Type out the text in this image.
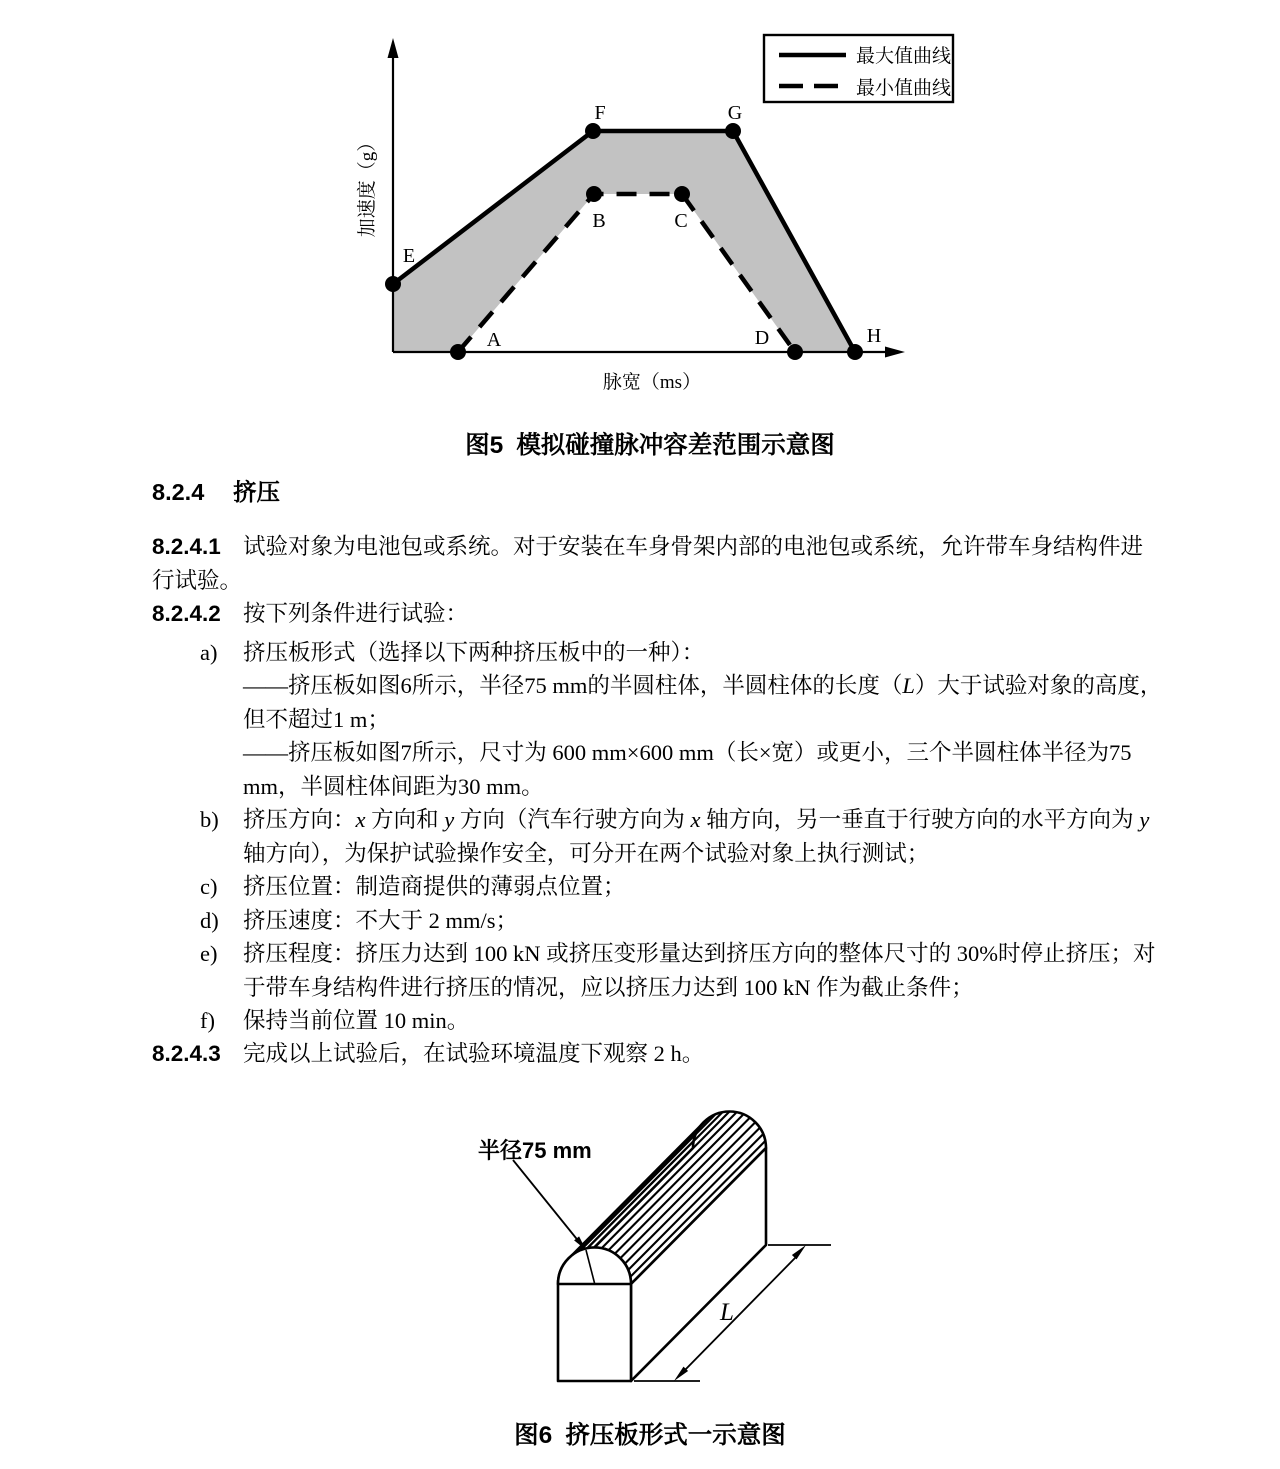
E
F	G
H
A
B	C
D
加速度（g）
脉宽（ms）
最大值曲线
最小值曲线
图5 模拟碰撞脉冲容差范围示意图
8.2.4 挤压
8.2.4.1 试验对象为电池包或系统。对于安装在车身骨架内部的电池包或系统，允许带车身结构件进
行试验。
8.2.4.2 按下列条件进行试验：
a) 挤压板形式（选择以下两种挤压板中的一种）：
——挤压板如图6所示，半径75 mm的半圆柱体，半圆柱体的长度（L）大于试验对象的高度，
但不超过1 m；
——挤压板如图7所示，尺寸为 600 mm×600 mm（长×宽）或更小，三个半圆柱体半径为75
mm，半圆柱体间距为30 mm。
b) 挤压方向：x 方向和 y 方向（汽车行驶方向为 x 轴方向，另一垂直于行驶方向的水平方向为 y
轴方向），为保护试验操作安全，可分开在两个试验对象上执行测试；
c) 挤压位置：制造商提供的薄弱点位置；
d) 挤压速度：不大于 2 mm/s；
e) 挤压程度：挤压力达到 100 kN 或挤压变形量达到挤压方向的整体尺寸的 30%时停止挤压；对
于带车身结构件进行挤压的情况，应以挤压力达到 100 kN 作为截止条件；
f) 保持当前位置 10 min。
8.2.4.3 完成以上试验后，在试验环境温度下观察 2 h。
L
半径75 mm
图6 挤压板形式一示意图
